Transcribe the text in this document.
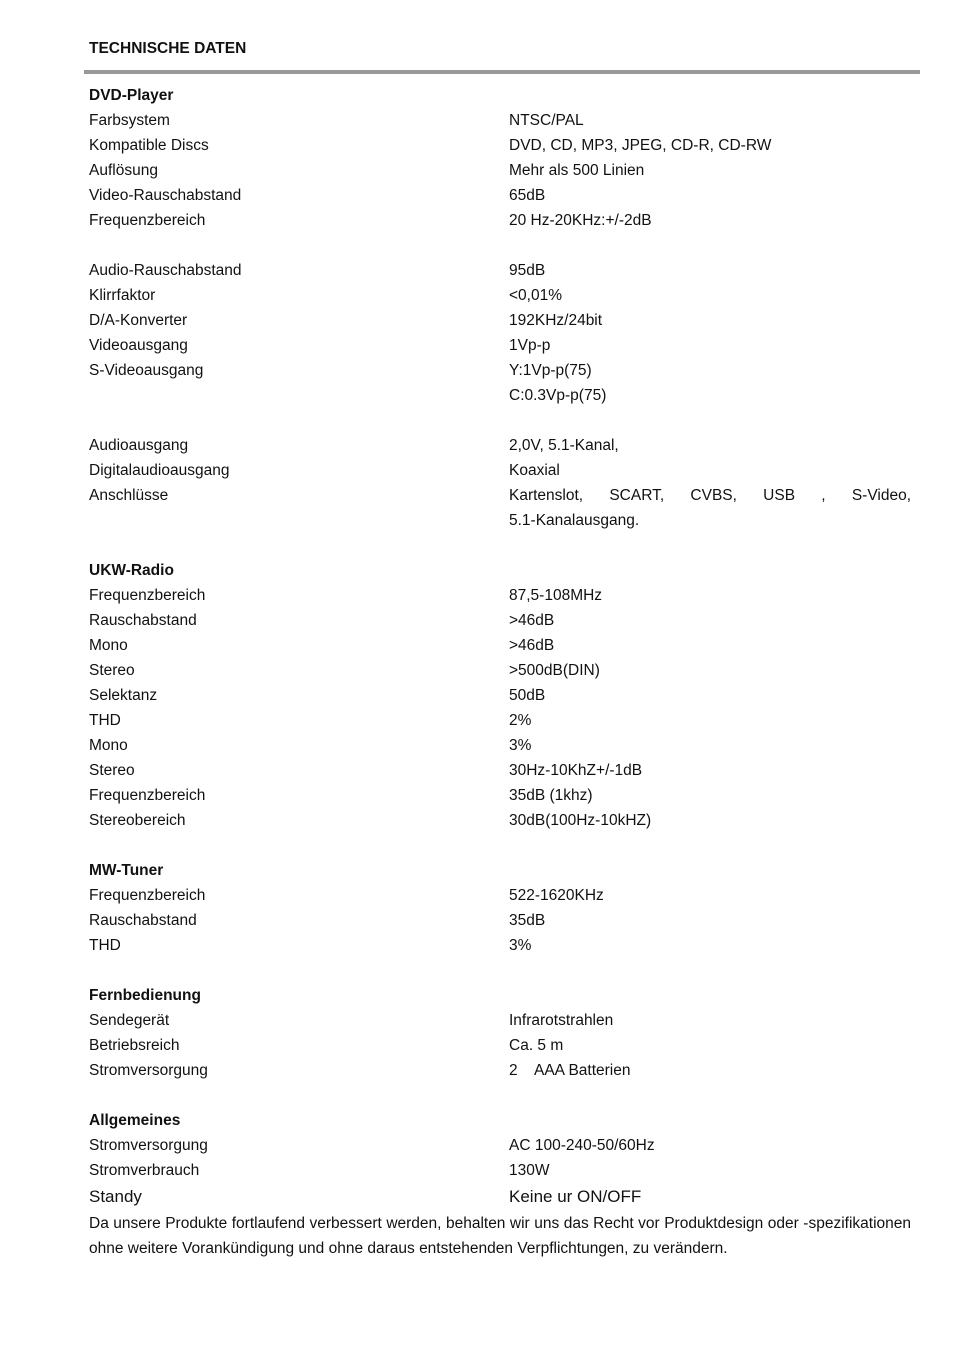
TECHNISCHE DATEN
DVD-Player
Farbsystem	NTSC/PAL
Kompatible Discs	DVD, CD, MP3, JPEG, CD-R, CD-RW
Auflösung	Mehr als 500 Linien
Video-Rauschabstand	65dB
Frequenzbereich	20 Hz-20KHz:+/-2dB
Audio-Rauschabstand	95dB
Klirrfaktor	<0,01%
D/A-Konverter	192KHz/24bit
Videoausgang	1Vp-p
S-Videoausgang	Y:1Vp-p(75)
C:0.3Vp-p(75)
Audioausgang	2,0V, 5.1-Kanal,
Digitalaudioausgang	Koaxial
Anschlüsse	Kartenslot, SCART, CVBS, USB , S-Video,
5.1-Kanalausgang.
UKW-Radio
Frequenzbereich	87,5-108MHz
Rauschabstand	>46dB
Mono	>46dB
Stereo	>500dB(DIN)
Selektanz	50dB
THD	2%
Mono	3%
Stereo	30Hz-10KhZ+/-1dB
Frequenzbereich	35dB (1khz)
Stereobereich	30dB(100Hz-10kHZ)
MW-Tuner
Frequenzbereich	522-1620KHz
Rauschabstand	35dB
THD	3%
Fernbedienung
Sendegerät	Infrarotstrahlen
Betriebsreich	Ca. 5 m
Stromversorgung	2    AAA Batterien
Allgemeines
Stromversorgung	AC 100-240-50/60Hz
Stromverbrauch	130W
Standy	Keine ur ON/OFF
Da unsere Produkte fortlaufend verbessert werden, behalten wir uns das Recht vor Produktdesign oder -spezifikationen ohne weitere Vorankündigung und ohne daraus entstehenden Verpflichtungen, zu verändern.
